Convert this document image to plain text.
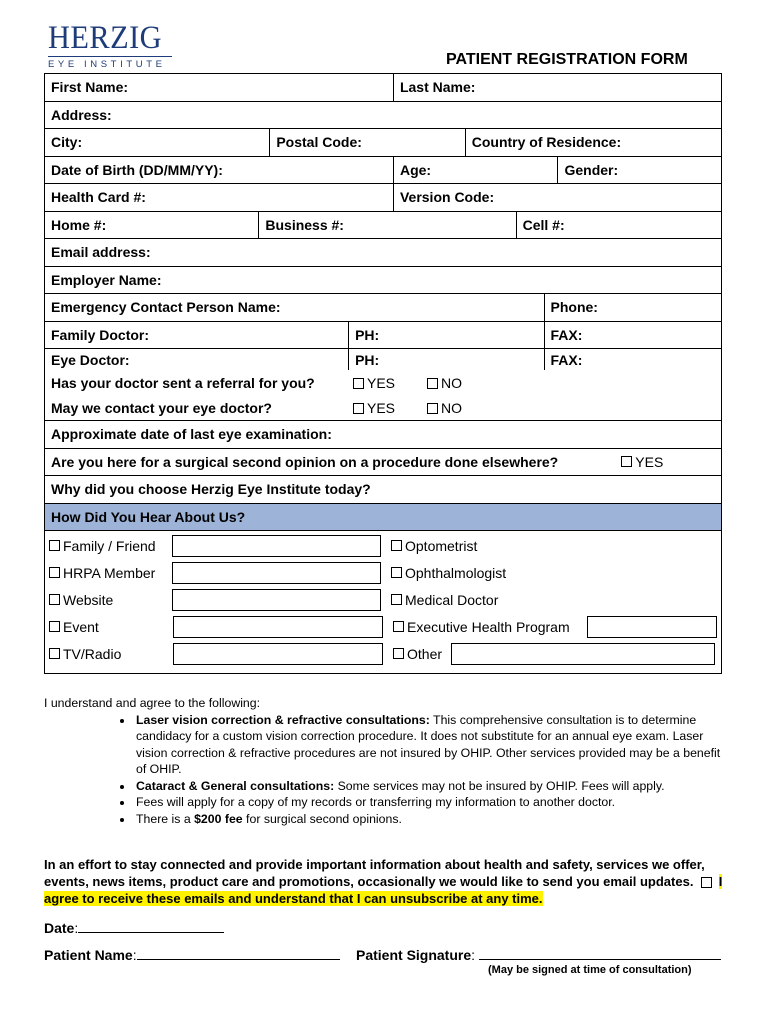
HERZIG
EYE INSTITUTE	PATIENT REGISTRATION FORM
First Name:	Last Name:
Address:
City:	Postal Code:	Country of Residence:
Date of Birth (DD/MM/YY):	Age:	Gender:
Health Card #:	Version Code:
Home #:	Business #:	Cell #:
Email address:
Employer Name:
Emergency Contact Person Name:	Phone:
Family Doctor:	PH:	FAX:
Eye Doctor:	PH:	FAX:
Has your doctor sent a referral for you?	YES	NO
May we contact your eye doctor?	YES	NO
Approximate date of last eye examination:
Are you here for a surgical second opinion on a procedure done elsewhere?	YES
Why did you choose Herzig Eye Institute today?
How Did You Hear About Us?
Family / Friend	Optometrist
HRPA Member	Ophthalmologist
Website	Medical Doctor
Event	Executive Health Program
TV/Radio	Other
I understand and agree to the following:
• Laser vision correction & refractive consultations: This comprehensive consultation is to determine candidacy for a custom vision correction procedure. It does not substitute for an annual eye exam. Laser vision correction & refractive procedures are not insured by OHIP. Other services provided may be a benefit of OHIP.
• Cataract & General consultations: Some services may not be insured by OHIP. Fees will apply.
• Fees will apply for a copy of my records or transferring my information to another doctor.
• There is a $200 fee for surgical second opinions.
In an effort to stay connected and provide important information about health and safety, services we offer, events, news items, product care and promotions, occasionally we would like to send you email updates. I agree to receive these emails and understand that I can unsubscribe at any time.
Date:
Patient Name:	Patient Signature:
(May be signed at time of consultation)
